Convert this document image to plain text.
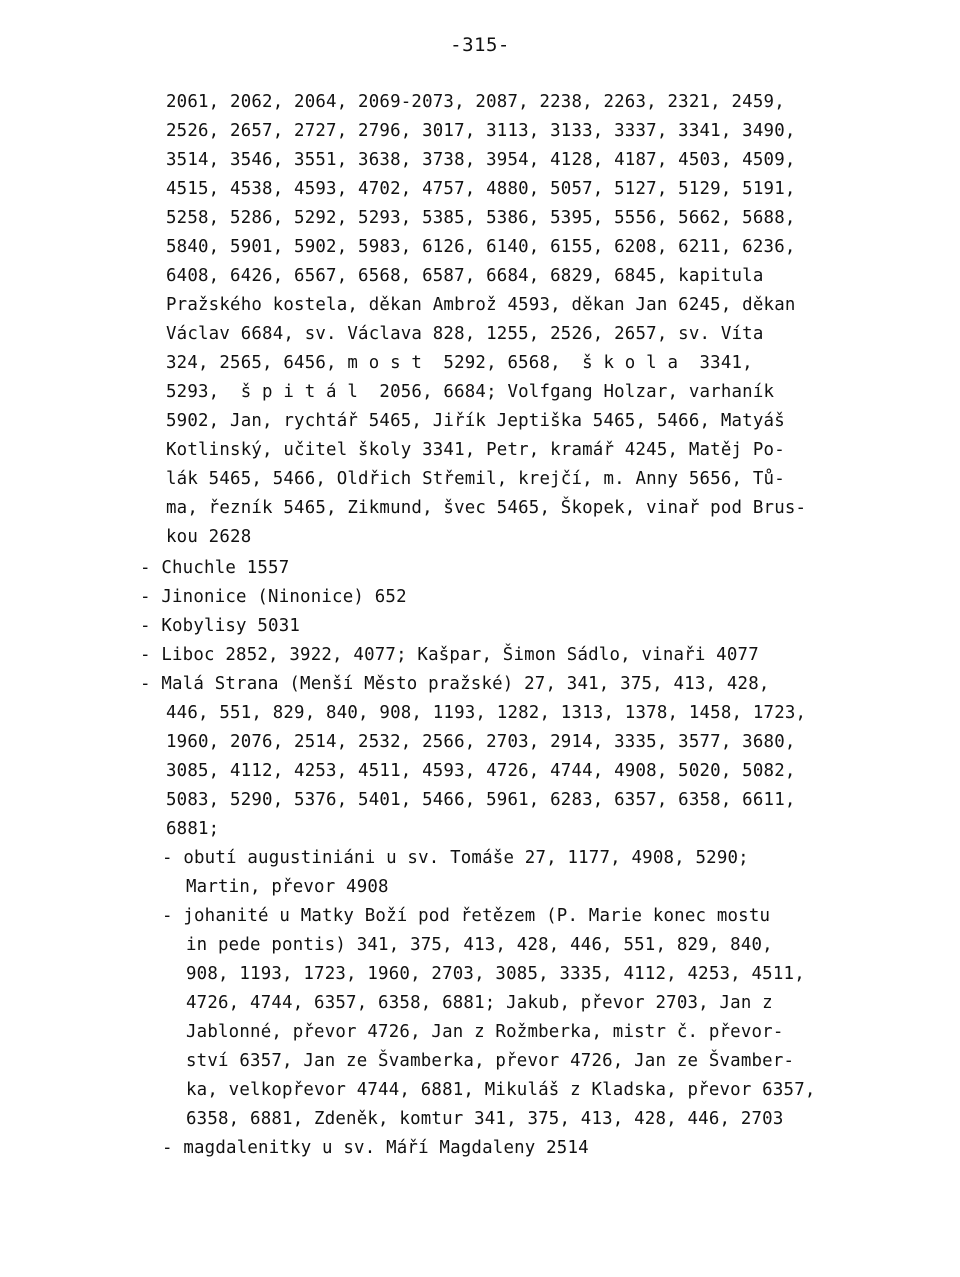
-315-
2061, 2062, 2064, 2069-2073, 2087, 2238, 2263, 2321, 2459,
2526, 2657, 2727, 2796, 3017, 3113, 3133, 3337, 3341, 3490,
3514, 3546, 3551, 3638, 3738, 3954, 4128, 4187, 4503, 4509,
4515, 4538, 4593, 4702, 4757, 4880, 5057, 5127, 5129, 5191,
5258, 5286, 5292, 5293, 5385, 5386, 5395, 5556, 5662, 5688,
5840, 5901, 5902, 5983, 6126, 6140, 6155, 6208, 6211, 6236,
6408, 6426, 6567, 6568, 6587, 6684, 6829, 6845, kapitula
Pražského kostela, děkan Ambrož 4593, děkan Jan 6245, děkan
Václav 6684, sv. Václava 828, 1255, 2526, 2657, sv. Víta
324, 2565, 6456, m o s t  5292, 6568,  š k o l a  3341,
5293,  š p i t á l  2056, 6684; Volfgang Holzar, varhaník
5902, Jan, rychtář 5465, Jiřík Jeptiška 5465, 5466, Matyáš
Kotlinský, učitel školy 3341, Petr, kramář 4245, Matěj Po-
lák 5465, 5466, Oldřich Střemil, krejčí, m. Anny 5656, Tů-
ma, řezník 5465, Zikmund, švec 5465, Škopek, vinař pod Brus-
kou 2628
- Chuchle 1557
- Jinonice (Ninonice) 652
- Kobylisy 5031
- Liboc 2852, 3922, 4077; Kašpar, Šimon Sádlo, vinaři 4077
- Malá Strana (Menší Město pražské) 27, 341, 375, 413, 428,
446, 551, 829, 840, 908, 1193, 1282, 1313, 1378, 1458, 1723,
1960, 2076, 2514, 2532, 2566, 2703, 2914, 3335, 3577, 3680,
3085, 4112, 4253, 4511, 4593, 4726, 4744, 4908, 5020, 5082,
5083, 5290, 5376, 5401, 5466, 5961, 6283, 6357, 6358, 6611,
6881;
- obutí augustiniáni u sv. Tomáše 27, 1177, 4908, 5290;
Martin, převor 4908
- johanité u Matky Boží pod řetězem (P. Marie konec mostu
in pede pontis) 341, 375, 413, 428, 446, 551, 829, 840,
908, 1193, 1723, 1960, 2703, 3085, 3335, 4112, 4253, 4511,
4726, 4744, 6357, 6358, 6881; Jakub, převor 2703, Jan z
Jablonné, převor 4726, Jan z Rožmberka, mistr č. převor-
ství 6357, Jan ze Švamberka, převor 4726, Jan ze Švamber-
ka, velkopřevor 4744, 6881, Mikuláš z Kladska, převor 6357,
6358, 6881, Zdeněk, komtur 341, 375, 413, 428, 446, 2703
- magdalenitky u sv. Máří Magdaleny 2514
